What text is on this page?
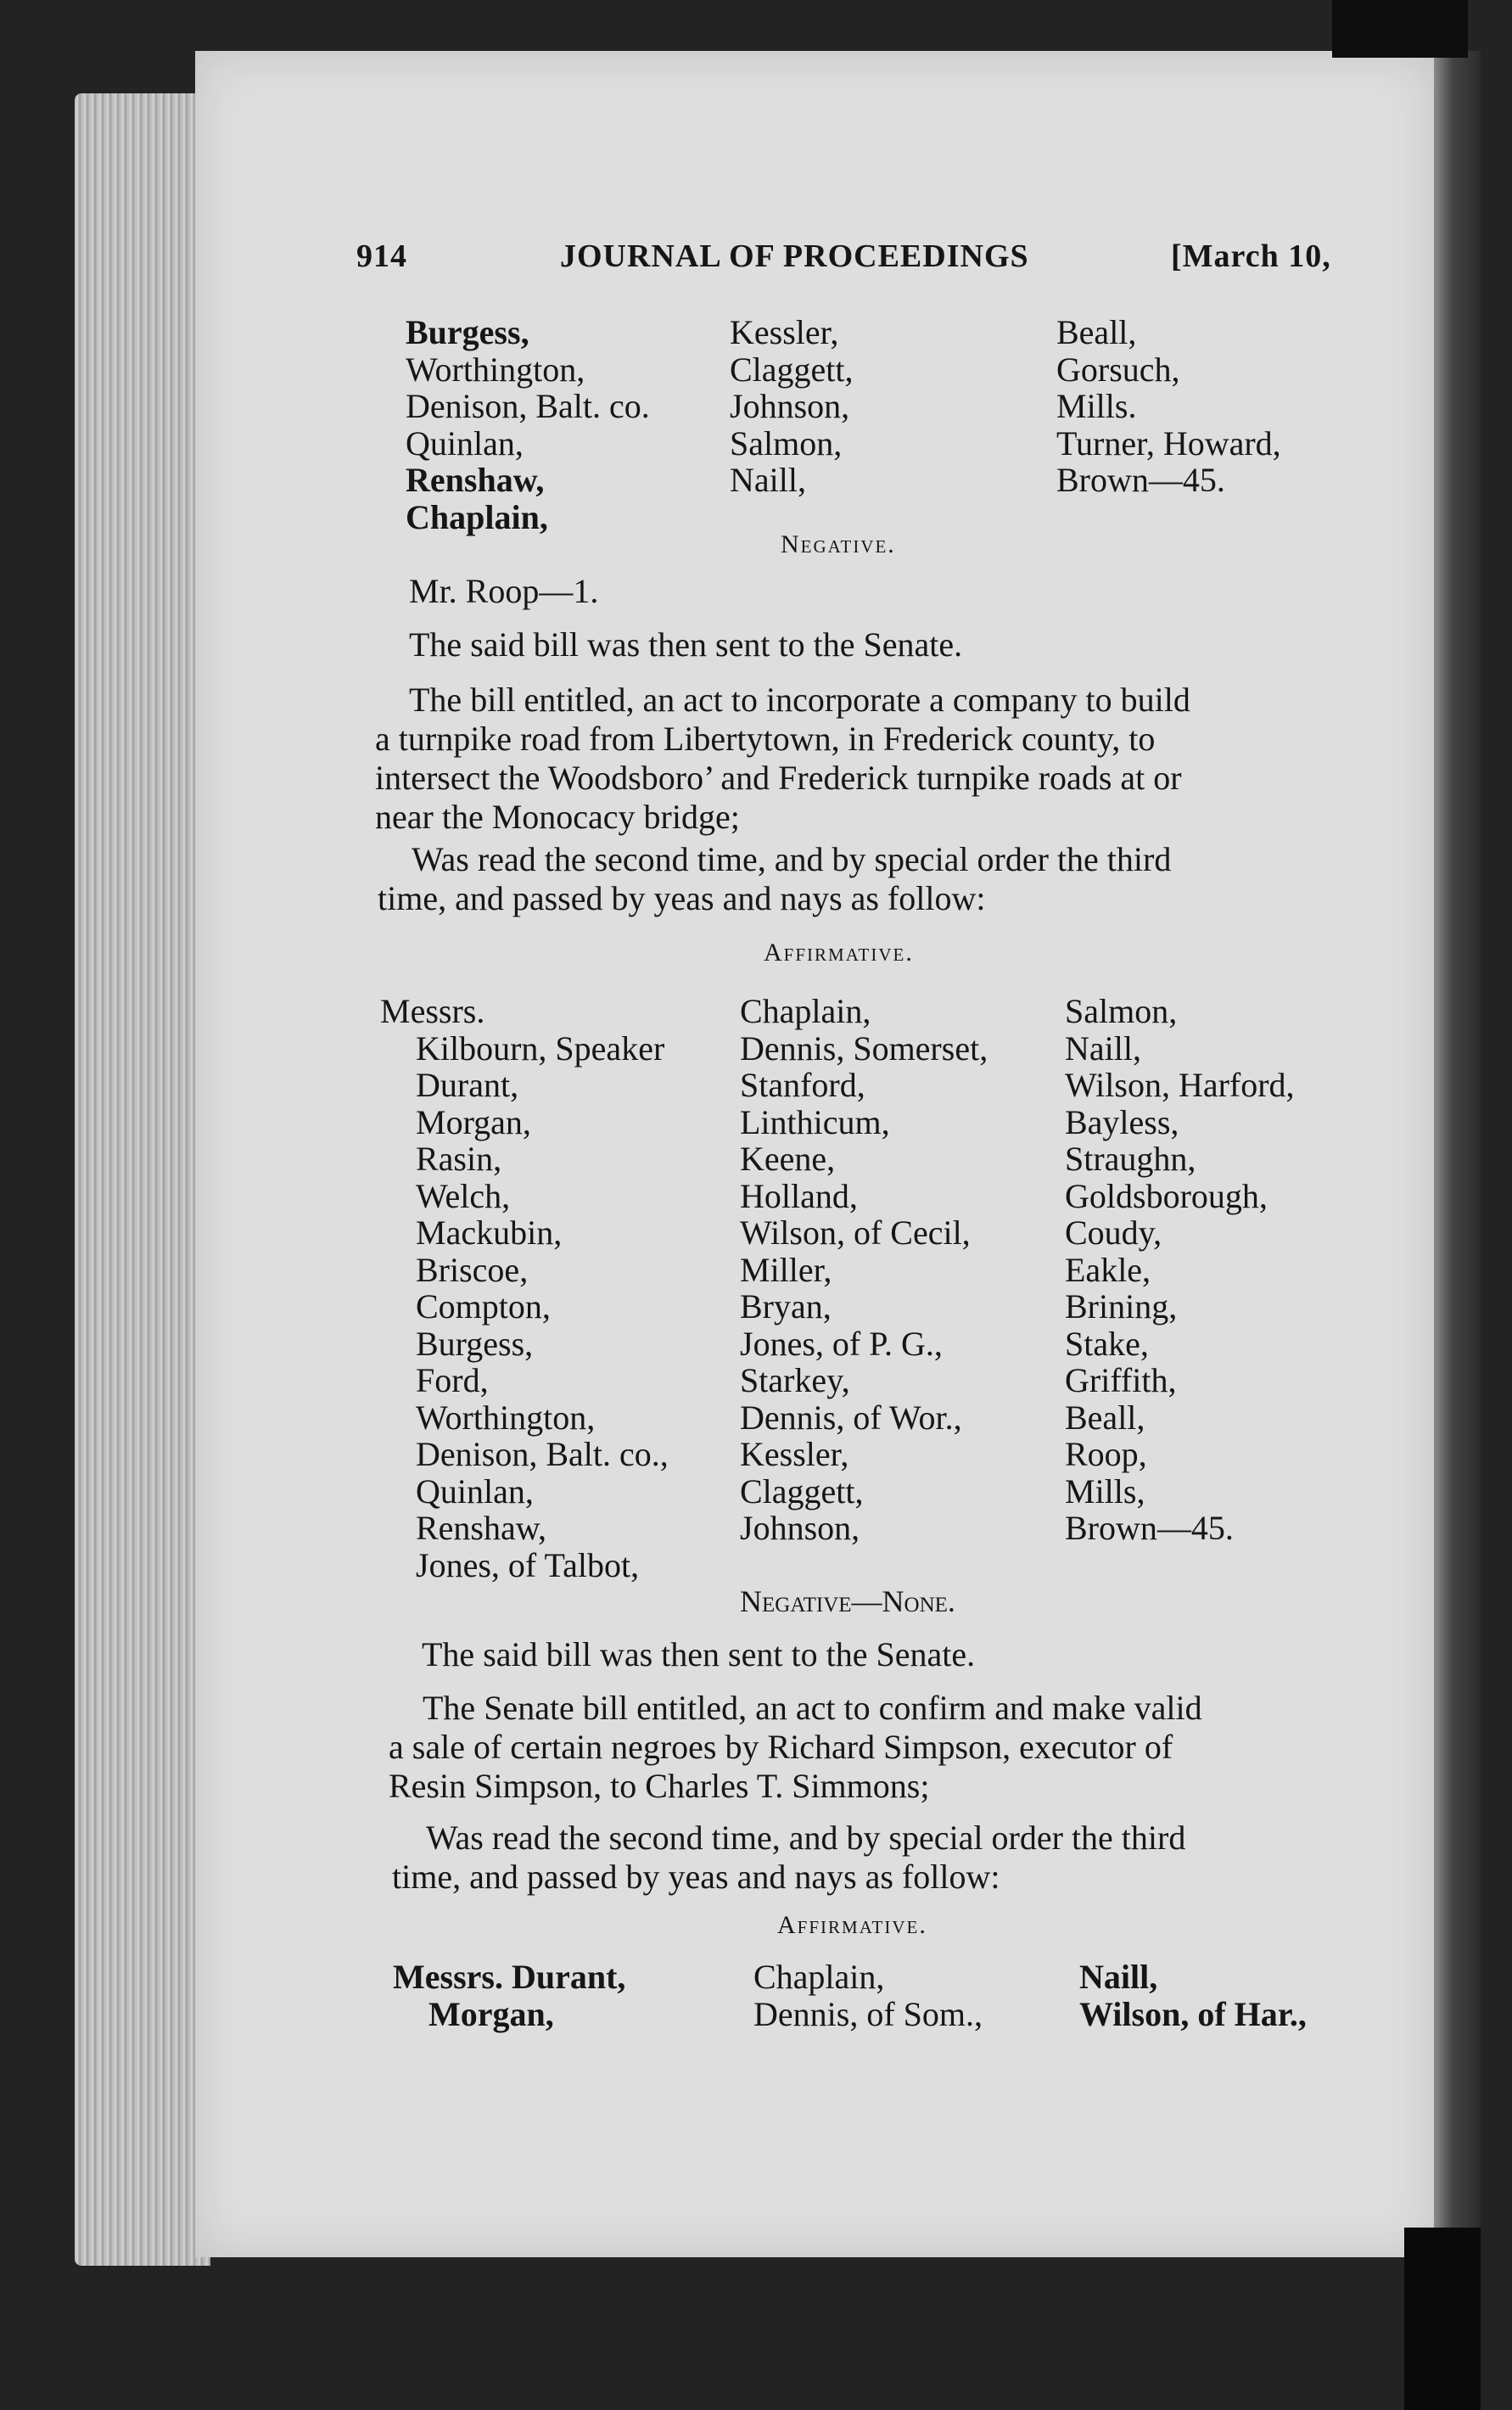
914	JOURNAL OF PROCEEDINGS	[March 10,
Burgess,
Worthington,
Denison, Balt. co.
Quinlan,
Renshaw,
Chaplain,
Kessler,
Claggett,
Johnson,
Salmon,
Naill,
Beall,
Gorsuch,
Mills.
Turner, Howard,
Brown—45.
Negative.
Mr. Roop—1.
The said bill was then sent to the Senate.

The bill entitled, an act to incorporate a company to build

a turnpike road from Libertytown, in Frederick county, to

intersect the Woodsboro’ and Frederick turnpike roads at or

near the Monocacy bridge;

Was read the second time, and by special order the third

time, and passed by yeas and nays as follow:

Affirmative.
Messrs.
Kilbourn, Speaker
Durant,
Morgan,
Rasin,
Welch,
Mackubin,
Briscoe,
Compton,
Burgess,
Ford,
Worthington,
Denison, Balt. co.,
Quinlan,
Renshaw,
Jones, of Talbot,
Chaplain,
Dennis, Somerset,
Stanford,
Linthicum,
Keene,
Holland,
Wilson, of Cecil,
Miller,
Bryan,
Jones, of P. G.,
Starkey,
Dennis, of Wor.,
Kessler,
Claggett,
Johnson,
Salmon,
Naill,
Wilson, Harford,
Bayless,
Straughn,
Goldsborough,
Coudy,
Eakle,
Brining,
Stake,
Griffith,
Beall,
Roop,
Mills,
Brown—45.
Negative—None.
The said bill was then sent to the Senate.

The Senate bill entitled, an act to confirm and make valid

a sale of certain negroes by Richard Simpson, executor of

Resin Simpson, to Charles T. Simmons;

Was read the second time, and by special order the third

time, and passed by yeas and nays as follow:

Affirmative.
Messrs. Durant,
Morgan,
Chaplain,
Dennis, of Som.,
Naill,
Wilson, of Har.,
